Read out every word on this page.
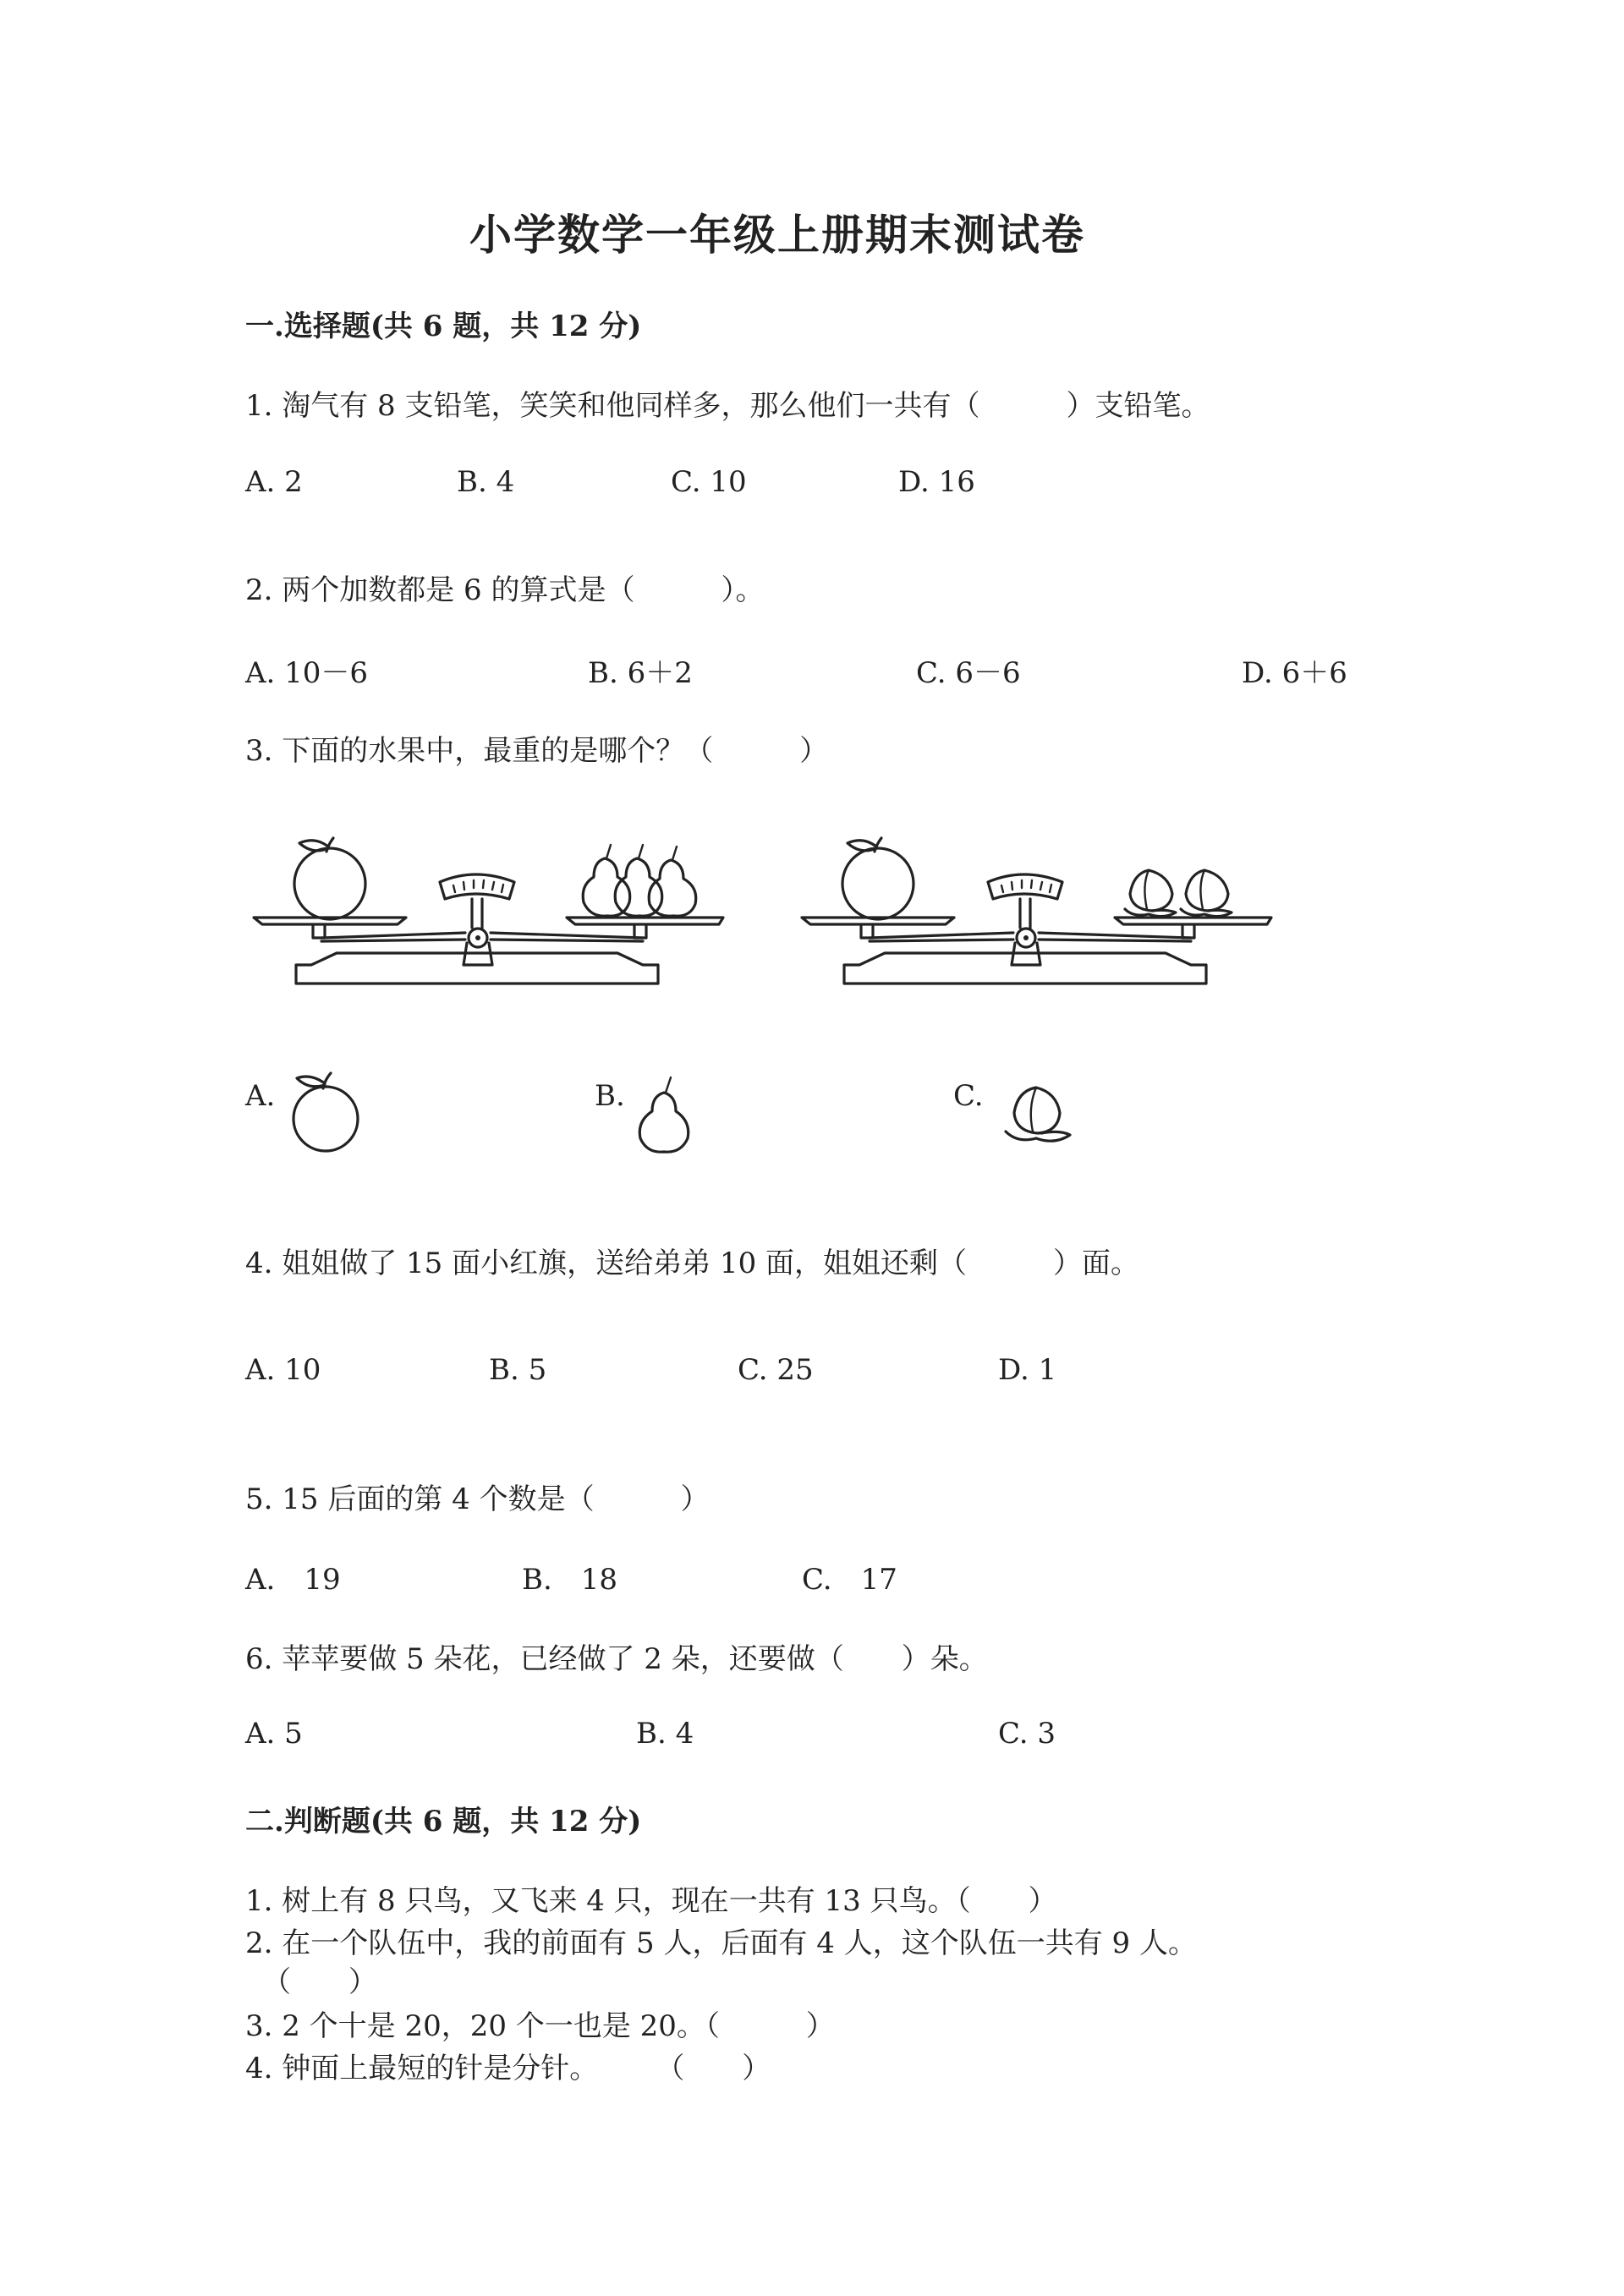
小学数学一年级上册期末测试卷
一.选择题(共 6 题，共 12 分)
1. 淘气有 8 支铅笔，笑笑和他同样多，那么他们一共有（　　　）支铅笔。
A. 2	B. 4	C. 10	D. 16
2. 两个加数都是 6 的算式是（　　　）。
A. 10－6	B. 6＋2	C. 6－6	D. 6＋6
3. 下面的水果中，最重的是哪个？（　　　）
A.	B.	C.
4. 姐姐做了 15 面小红旗，送给弟弟 10 面，姐姐还剩（　　　）面。
A. 10	B. 5	C. 25	D. 1
5. 15 后面的第 4 个数是（　　　）
A.　19	B.　18	C.　17
6. 苹苹要做 5 朵花，已经做了 2 朵，还要做（　　）朵。
A. 5	B. 4	C. 3
二.判断题(共 6 题，共 12 分)
1. 树上有 8 只鸟，又飞来 4 只，现在一共有 13 只鸟。（　　）
2. 在一个队伍中，我的前面有 5 人，后面有 4 人，这个队伍一共有 9 人。
（　　）
3. 2 个十是 20，20 个一也是 20。（　　　）
4. 钟面上最短的针是分针。　　　（　　）
